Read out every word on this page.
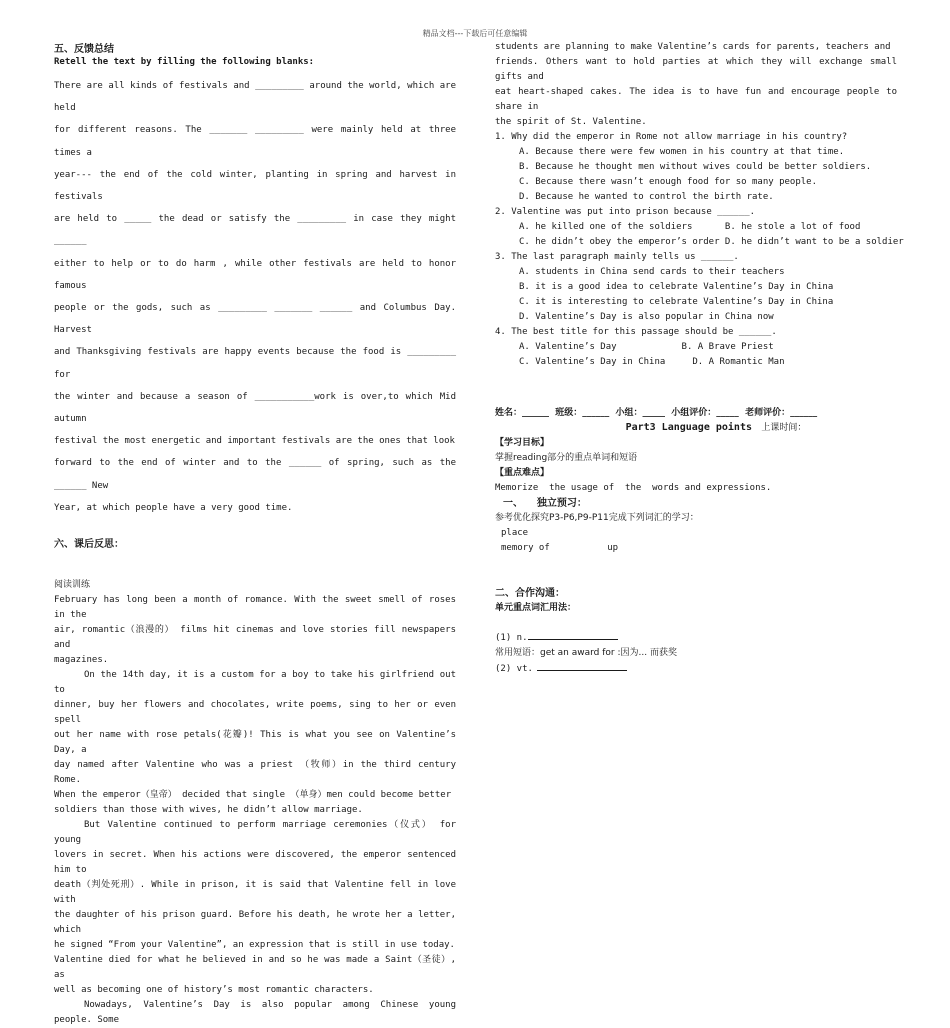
精品文档---下载后可任意编辑
五、反馈总结
Retell the text by filling the following blanks:
There are all kinds of festivals and _________ around the world, which are held
for different reasons. The _______ _________ were mainly held at three times a
year--- the end of the cold winter, planting in spring and harvest in festivals
are held to _____ the dead or satisfy the _________ in case they might ______
either to help or to do harm , while other festivals are held to honor famous
people or the gods, such as _________ _______ ______ and Columbus Day. Harvest
and Thanksgiving festivals are happy events because the food is _________ for
the winter and because a season of ___________work is over,to which Mid autumn
festival the most energetic and important festivals are the ones that look
forward to the end of winter and to the ______ of spring, such as the ______ New
Year, at which people have a very good time.
六、课后反思：
阅读训练
February has long been a month of romance. With the sweet smell of roses in the
air, romantic（浪漫的） films hit cinemas and love stories fill newspapers and
magazines.
On the 14th day, it is a custom for a boy to take his girlfriend out to
dinner, buy her flowers and chocolates, write poems, sing to her or even spell
out her name with rose petals(花瓣)! This is what you see on Valentine’s Day, a
day named after Valentine who was a priest （牧师）in the third century Rome.
When the emperor（皇帝） decided that single （单身）men could become better
soldiers than those with wives, he didn’t allow marriage.
But Valentine continued to perform marriage ceremonies（仪式） for young
lovers in secret. When his actions were discovered, the emperor sentenced him to
death（判处死刑）. While in prison, it is said that Valentine fell in love with
the daughter of his prison guard. Before his death, he wrote her a letter, which
he signed “From your Valentine”, an expression that is still in use today.
Valentine died for what he believed in and so he was made a Saint（圣徒）, as
well as becoming one of history’s most romantic characters.
Nowadays, Valentine’s Day is also popular among Chinese young people. Some
students are planning to make Valentine’s cards for parents, teachers and
friends. Others want to hold parties at which they will exchange small gifts and
eat heart-shaped cakes. The idea is to have fun and encourage people to share in
the spirit of St. Valentine.
1. Why did the emperor in Rome not allow marriage in his country?
A. Because there were few women in his country at that time.
B. Because he thought men without wives could be better soldiers.
C. Because there wasn’t enough food for so many people.
D. Because he wanted to control the birth rate.
2. Valentine was put into prison because ______.
A. he killed one of the soldiers      B. he stole a lot of food
C. he didn’t obey the emperor’s order D. he didn’t want to be a soldier
3. The last paragraph mainly tells us ______.
A. students in China send cards to their teachers
B. it is a good idea to celebrate Valentine’s Day in China
C. it is interesting to celebrate Valentine’s Day in China
D. Valentine’s Day is also popular in China now
4. The best title for this passage should be ______.
A. Valentine’s Day            B. A Brave Priest
C. Valentine’s Day in China     D. A Romantic Man
姓名：______  班级：______  小组：_____  小组评价：_____  老师评价：______
Part3 Language points 上课时间：
【学习目标】
掌握reading部分的重点单词和短语
【重点难点】
Memorize  the usage of  the  words and expressions.
一、    独立预习：
参考优化探究P3-P6,P9-P11完成下列词汇的学习：
place
memory of	up
二、合作沟通：
单元重点词汇用法：
(1) n.
常用短语：get an award for :因为... 而获奖
(2) vt.
